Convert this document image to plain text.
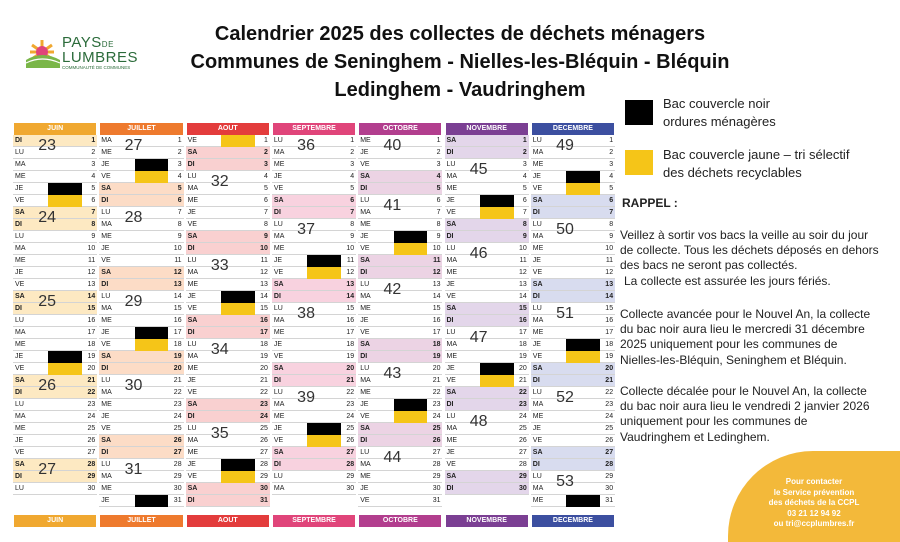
PAYSDE
LUMBRES
COMMUNAUTÉ DE COMMUNES
Calendrier 2025 des collectes de déchets ménagers
Communes de Seninghem - Nielles-les-Bléquin - Bléquin
Ledinghem - Vaudringhem
JUIN
JUIN
DI	1
LU	2
MA	3
ME	4
JE	5
VE	6
SA	7
DI	8
LU	9
MA	10
ME	11
JE	12
VE	13
SA	14
DI	15
LU	16
MA	17
ME	18
JE	19
VE	20
SA	21
DI	22
LU	23
MA	24
ME	25
JE	26
VE	27
SA	28
DI	29
LU	30
23
24
25
26
27
JUILLET
JUILLET
MA	1
ME	2
JE	3
VE	4
SA	5
DI	6
LU	7
MA	8
ME	9
JE	10
VE	11
SA	12
DI	13
LU	14
MA	15
ME	16
JE	17
VE	18
SA	19
DI	20
LU	21
MA	22
ME	23
JE	24
VE	25
SA	26
DI	27
LU	28
MA	29
ME	30
JE	31
27
28
29
30
31
AOUT
AOUT
VE	1
SA	2
DI	3
LU	4
MA	5
ME	6
JE	7
VE	8
SA	9
DI	10
LU	11
MA	12
ME	13
JE	14
VE	15
SA	16
DI	17
LU	18
MA	19
ME	20
JE	21
VE	22
SA	23
DI	24
LU	25
MA	26
ME	27
JE	28
VE	29
SA	30
DI	31
32
33
34
35
SEPTEMBRE
SEPTEMBRE
LU	1
MA	2
ME	3
JE	4
VE	5
SA	6
DI	7
LU	8
MA	9
ME	10
JE	11
VE	12
SA	13
DI	14
LU	15
MA	16
ME	17
JE	18
VE	19
SA	20
DI	21
LU	22
MA	23
ME	24
JE	25
VE	26
SA	27
DI	28
LU	29
MA	30
36
37
38
39
OCTOBRE
OCTOBRE
ME	1
JE	2
VE	3
SA	4
DI	5
LU	6
MA	7
ME	8
JE	9
VE	10
SA	11
DI	12
LU	13
MA	14
ME	15
JE	16
VE	17
SA	18
DI	19
LU	20
MA	21
ME	22
JE	23
VE	24
SA	25
DI	26
LU	27
MA	28
ME	29
JE	30
VE	31
40
41
42
43
44
NOVEMBRE
NOVEMBRE
SA	1
DI	2
LU	3
MA	4
ME	5
JE	6
VE	7
SA	8
DI	9
LU	10
MA	11
ME	12
JE	13
VE	14
SA	15
DI	16
LU	17
MA	18
ME	19
JE	20
VE	21
SA	22
DI	23
LU	24
MA	25
ME	26
JE	27
VE	28
SA	29
DI	30
45
46
47
48
DECEMBRE
DECEMBRE
LU	1
MA	2
ME	3
JE	4
VE	5
SA	6
DI	7
LU	8
MA	9
ME	10
JE	11
VE	12
SA	13
DI	14
LU	15
MA	16
ME	17
JE	18
VE	19
SA	20
DI	21
LU	22
MA	23
ME	24
JE	25
VE	26
SA	27
DI	28
LU	29
MA	30
ME	31
49
50
51
52
53
Bac couvercle noir
ordures ménagères
Bac couvercle jaune – tri sélectif
des déchets recyclables
RAPPEL :
Veillez à sortir vos bacs la veille au soir du jour
de collecte. Tous les déchets déposés en dehors
des bacs ne seront pas collectés.
La collecte est assurée les jours fériés.
Collecte avancée pour le Nouvel An, la collecte
du bac noir aura lieu le mercredi 31 décembre
2025 uniquement pour les communes de
Nielles-les-Bléquin, Seninghem et Bléquin.
Collecte décalée pour le Nouvel An, la collecte
du bac noir aura lieu le vendredi 2 janvier 2026
uniquement pour les communes de
Vaudringhem et Ledinghem.
Pour contacter
le Service prévention
des déchets de la CCPL
03 21 12 94 92
ou tri@ccplumbres.fr
